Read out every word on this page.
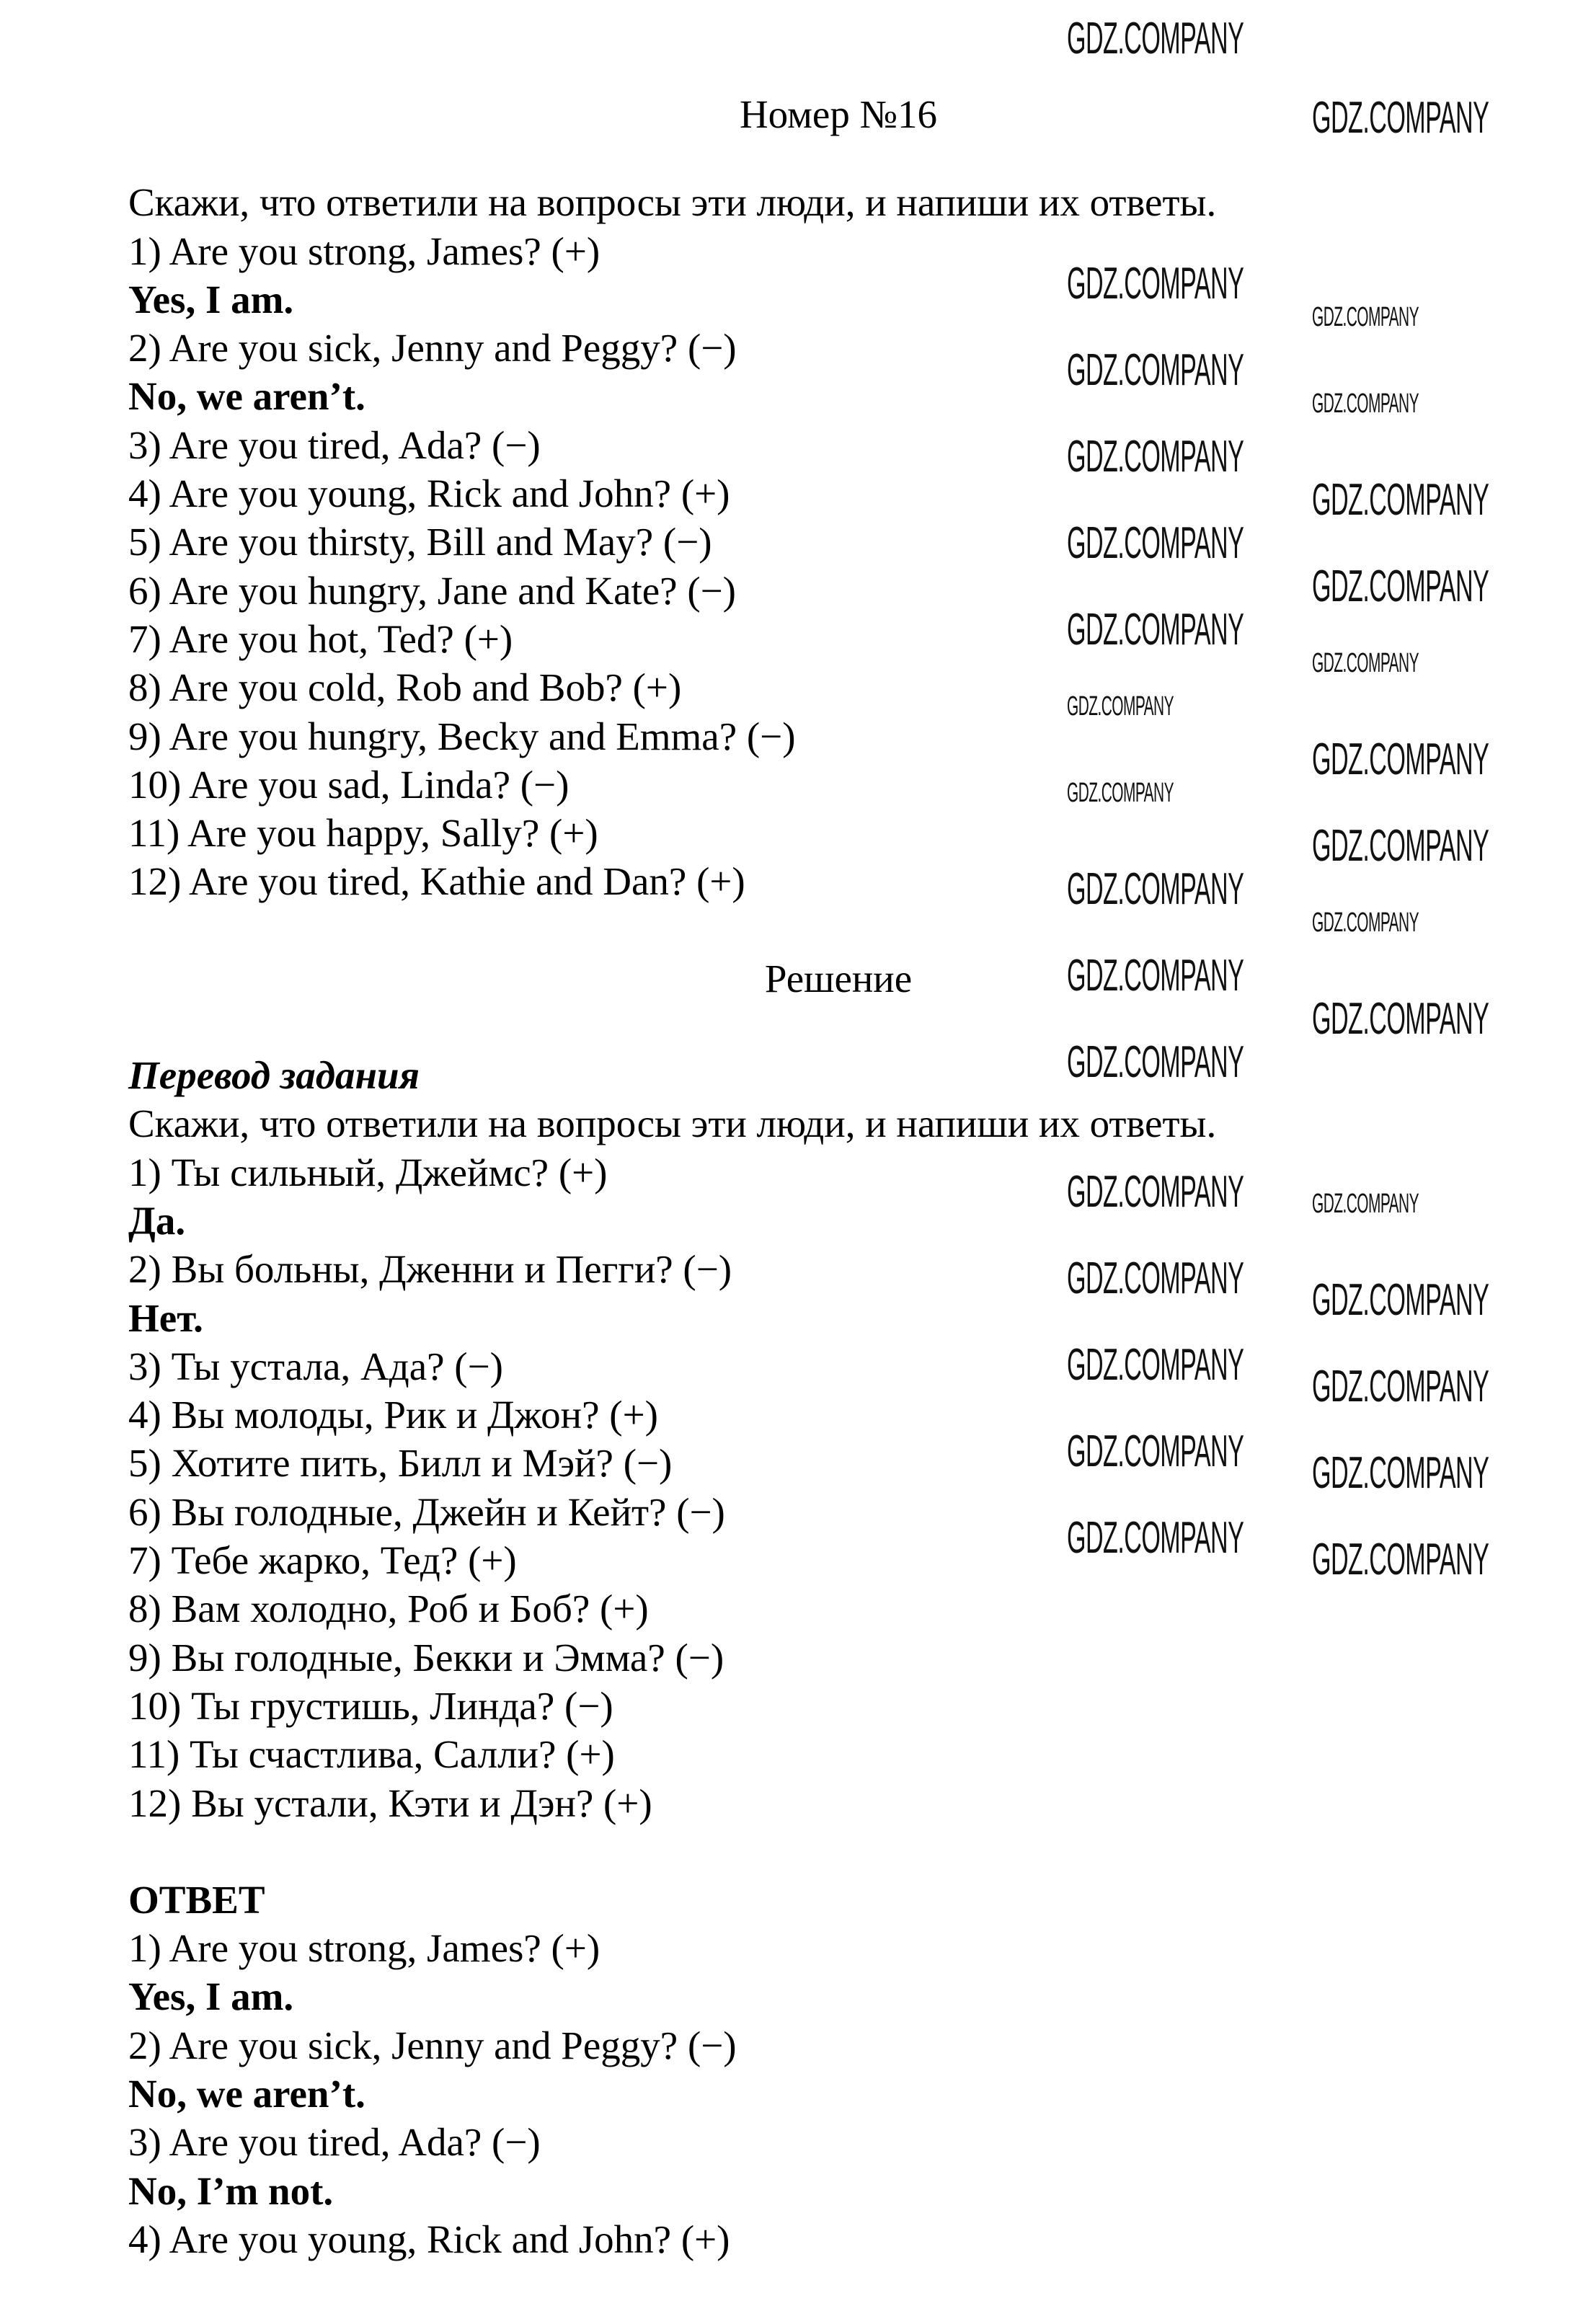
Номер №16
Скажи, что ответили на вопросы эти люди, и напиши их ответы.
1) Are you strong, James? (+)
Yes, I am.
2) Are you sick, Jenny and Peggy? (−)
No, we aren’t.
3) Are you tired, Ada? (−)
4) Are you young, Rick and John? (+)
5) Are you thirsty, Bill and May? (−)
6) Are you hungry, Jane and Kate? (−)
7) Are you hot, Ted? (+)
8) Are you cold, Rob and Bob? (+)
9) Are you hungry, Becky and Emma? (−)
10) Are you sad, Linda? (−)
11) Are you happy, Sally? (+)
12) Are you tired, Kathie and Dan? (+)
Решение
Перевод задания
Скажи, что ответили на вопросы эти люди, и напиши их ответы.
1) Ты сильный, Джеймс? (+)
Да.
2) Вы больны, Дженни и Пегги? (−)
Нет.
3) Ты устала, Ада? (−)
4) Вы молоды, Рик и Джон? (+)
5) Хотите пить, Билл и Мэй? (−)
6) Вы голодные, Джейн и Кейт? (−)
7) Тебе жарко, Тед? (+)
8) Вам холодно, Роб и Боб? (+)
9) Вы голодные, Бекки и Эмма? (−)
10) Ты грустишь, Линда? (−)
11) Ты счастлива, Салли? (+)
12) Вы устали, Кэти и Дэн? (+)
ОТВЕТ
1) Are you strong, James? (+)
Yes, I am.
2) Are you sick, Jenny and Peggy? (−)
No, we aren’t.
3) Are you tired, Ada? (−)
No, I’m not.
4) Are you young, Rick and John? (+)
GDZ.COMPANY
GDZ.COMPANY
GDZ.COMPANY
GDZ.COMPANY
GDZ.COMPANY
GDZ.COMPANY
GDZ.COMPANY
GDZ.COMPANY
GDZ.COMPANY
GDZ.COMPANY
GDZ.COMPANY
GDZ.COMPANY
GDZ.COMPANY
GDZ.COMPANY
GDZ.COMPANY
GDZ.COMPANY
GDZ.COMPANY
GDZ.COMPANY
GDZ.COMPANY
GDZ.COMPANY
GDZ.COMPANY
GDZ.COMPANY GDZ.COMPANY
GDZ.COMPANY GDZ.COMPANY
GDZ.COMPANY GDZ.COMPANY
GDZ.COMPANY GDZ.COMPANY
GDZ.COMPANY GDZ.COMPANY
